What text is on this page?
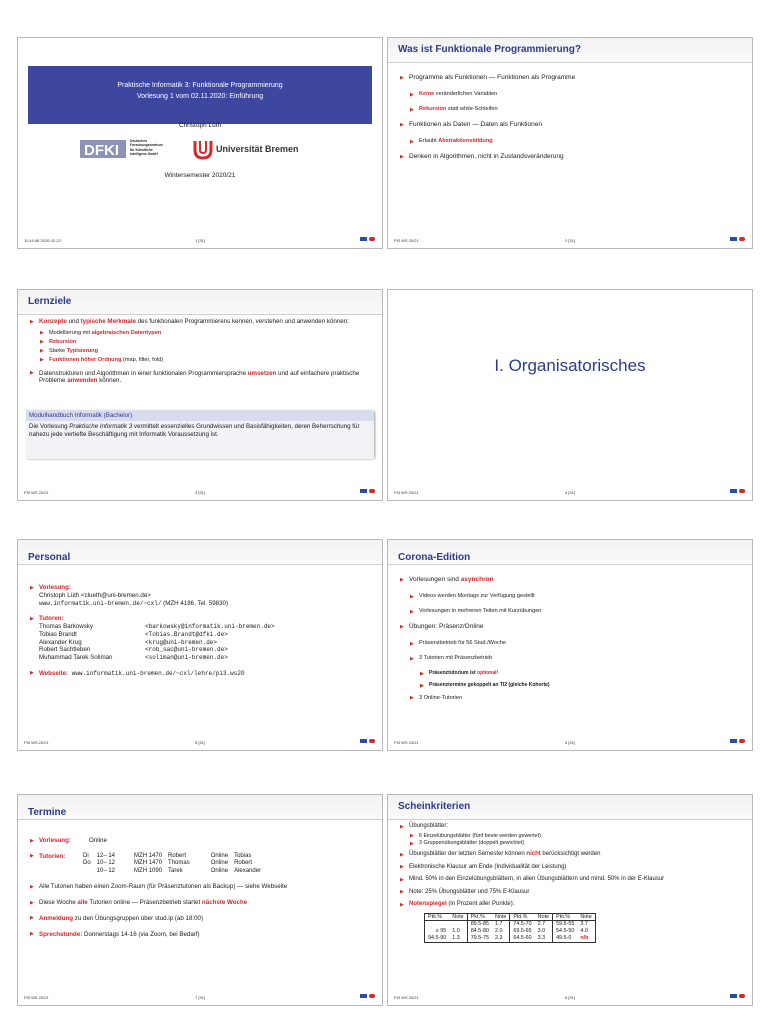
Praktische Informatik 3: Funktionale Programmierung
Vorlesung 1 vom 02.11.2020: Einführung
Christoph Lüth
DFKI
Deutsches
Forschungszentrum
für Künstliche
Intelligenz GmbH	Universität Bremen
Wintersemester 2020/21
11:44:08 2020-02-22	1 [31]
Was ist Funktionale Programmierung?
▶ Programme als Funktionen — Funktionen als Programme
▶ Keine veränderlichen Variablen
▶ Rekursion statt while-Schleifen
▶ Funktionen als Daten — Daten als Funktionen
▶ Erlaubt Abstraktionsbildung
▶ Denken in Algorithmen, nicht in Zustandsveränderung
PI3 WS 20/21	2 [31]
Lernziele
▶ Konzepte und typische Merkmale des funktionalen Programmierens kennen, verstehen und anwenden können:
▶ Modellierung mit algebraischen Datentypen
▶ Rekursion
▶ Starke Typisierung
▶ Funktionen höher Ordnung (map, filter, fold)
▶ Datenstrukturen und Algorithmen in einer funktionalen Programmiersprache umsetzen und auf einfachere praktische Probleme anwenden können.
Modulhandbuch Informatik (Bachelor)
Die Vorlesung Praktische Informatik 3 vermittelt essenzielles Grundwissen und Basisfähigkeiten, deren Beherrschung für nahezu jede vertiefte Beschäftigung mit Informatik Voraussetzung ist.
PI3 WS 20/21	3 [31]
I. Organisatorisches
PI3 WS 20/21	4 [31]
Personal
▶ Vorlesung:
Christoph Lüth <clueth@uni-bremen.de>
www.informatik.uni-bremen.de/~cxl/ (MZH 4186, Tel. 59830)
▶ Tutoren:
Thomas Barkowsky	<barkowsky@informatik.uni-bremen.de>
Tobias Brandt	<Tobias.Brandt@dfki.de>
Alexander Krug	<krug@uni-bremen.de>
Robert Sachtleben	<rob_sac@uni-bremen.de>
Muhammad Tarek Soliman	<soliman@uni-bremen.de>
▶ Webseite: www.informatik.uni-bremen.de/~cxl/lehre/pi3.ws20
PI3 WS 20/21	5 [31]
Corona-Edition
▶ Vorlesungen sind asynchron
▶ Videos werden Montags zur Verfügung gestellt
▶ Vorlesungen in mehreren Teilen mit Kurzübungen
▶ Übungen: Präsenz/Online
▶ Präsenzbetrieb für 56 Stud./Woche
▶ 3 Tutorien mit Präsenzbetrieb
▶ Präsenztutorium ist optional!
▶ Präsenztermine gekoppelt an TI2 (gleiche Kohorte)
▶ 3 Online-Tutorien
PI3 WS 20/21	6 [31]
Termine
▶ Vorlesung:	Online
▶ Tutorien:	Di	12– 14	MZH 1470	Robert	Online	Tobias
Do	10– 12	MZH 1470	Thomas	Online	Robert
	10– 12	MZH 1090	Tarek	Online	Alexander
▶ Alle Tutorien haben einen Zoom-Raum (für Präsenztutorien als Backup) — siehe Webseite
▶ Diese Woche alle Tutorien online — Präsenzbetrieb startet nächste Woche
▶ Anmeldung zu den Übungsgruppen über stud.ip (ab 18:00)
▶ Sprechstunde: Donnerstags 14-16 (via Zoom, bei Bedarf)
PI3 WS 20/21	7 [31]
Scheinkriterien
▶ Übungsblätter:
▶ 6 Einzelübungsblätter (fünf beste werden gewertet)
▶ 3 Gruppenübungsblätter (doppelt gewichtet)
▶ Übungsblätter der letzten Semester können nicht berücksichtigt werden
▶ Elektronische Klausur am Ende (Individualität der Leistung)
▶ Mind. 50% in den Einzelübungsblättern, in allen Übungsblättern und mind. 50% in der E-Klausur
▶ Note: 25% Übungsblätter und 75% E-Klausur
▶ Notenspiegel (in Prozent aller Punkte):
Pkt.%	Note	Pkt.%	Note	Pkt.%	Note	Pkt.%	Note
		89.5-85	1.7	74.5-70	2.7	59.5-55	3.7
≥ 95	1.0	84.5-80	2.0	69.5-65	3.0	54.5-50	4.0
94.5-90	1.3	79.5-75	2.3	64.5-60	3.3	49.5-0	n/b
PI3 WS 20/21	8 [31]
